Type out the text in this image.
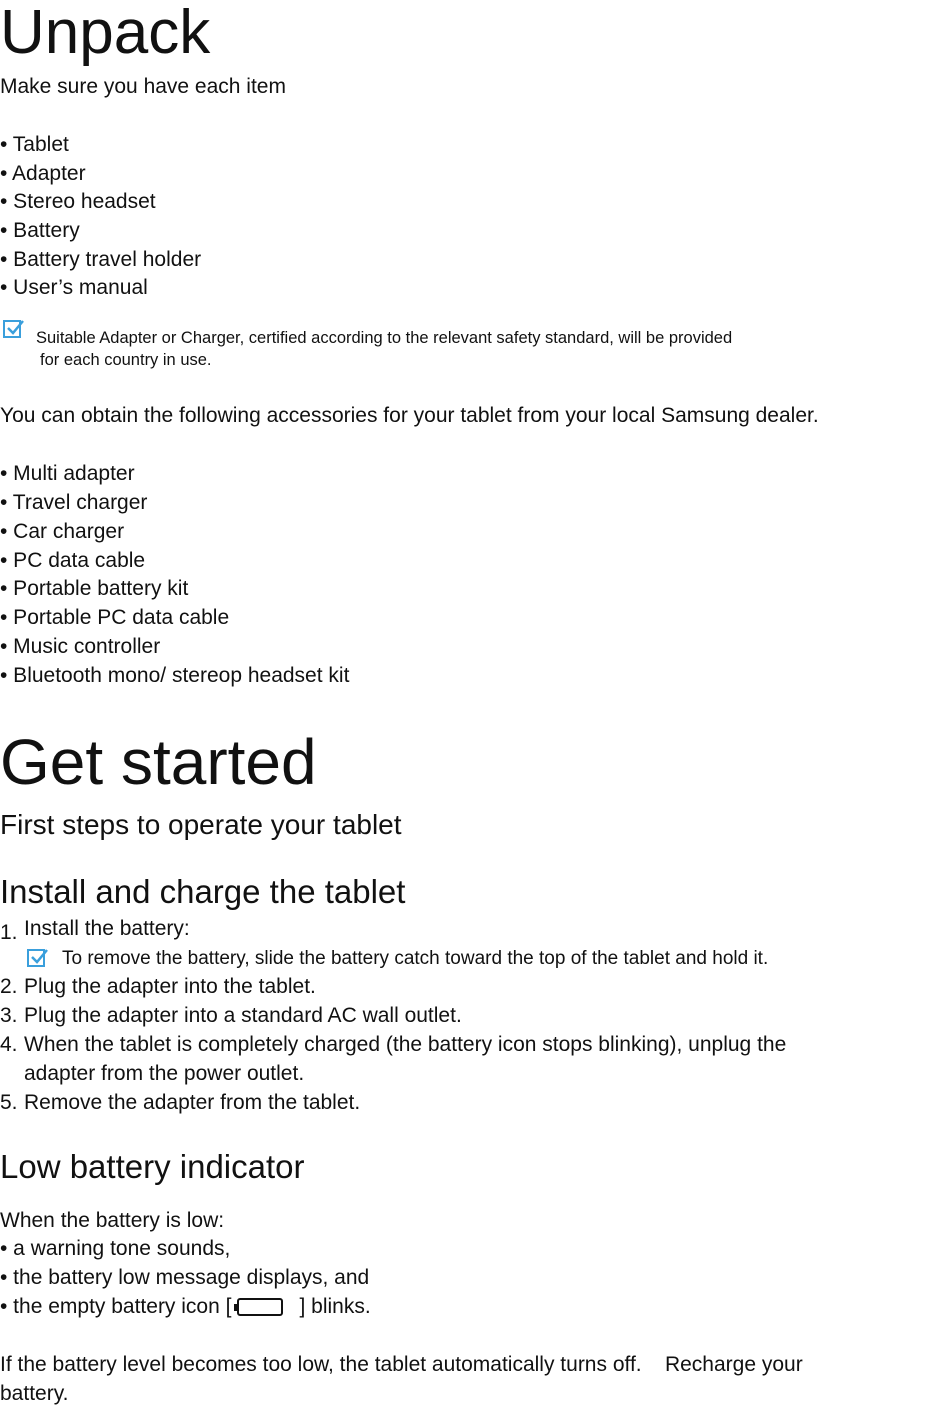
Unpack
Make sure you have each item
• Tablet
• Adapter
• Stereo headset
• Battery
• Battery travel holder
• User’s manual
Suitable Adapter or Charger, certified according to the relevant safety standard, will be provided
for each country in use.
You can obtain the following accessories for your tablet from your local Samsung dealer.
• Multi adapter
• Travel charger
• Car charger
• PC data cable
• Portable battery kit
• Portable PC data cable
• Music controller
• Bluetooth mono/ stereop headset kit
Get started
First steps to operate your tablet
Install and charge the tablet
1. Install the battery:
To remove the battery, slide the battery catch toward the top of the tablet and hold it.
2. Plug the adapter into the tablet.
3. Plug the adapter into a standard AC wall outlet.
4. When the tablet is completely charged (the battery icon stops blinking), unplug the
adapter from the power outlet.
5. Remove the adapter from the tablet.
Low battery indicator
When the battery is low:
• a warning tone sounds,
• the battery low message displays, and
• the empty battery icon [	] blinks.
If the battery level becomes too low, the tablet automatically turns off.    Recharge your
battery.
